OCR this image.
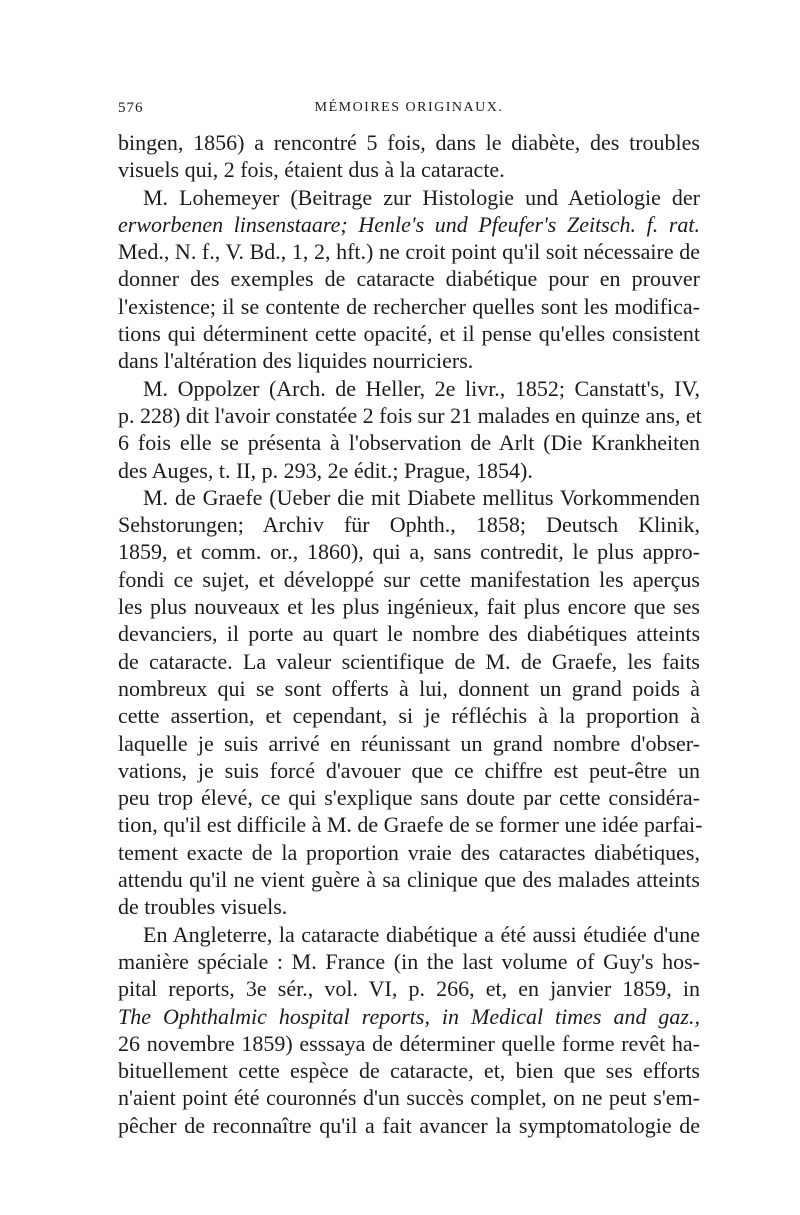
576	MÉMOIRES ORIGINAUX.
bingen, 1856) a rencontré 5 fois, dans le diabète, des troubles
visuels qui, 2 fois, étaient dus à la cataracte.
M. Lohemeyer (Beitrage zur Histologie und Aetiologie der
erworbenen linsenstaare; Henle's und Pfeufer's Zeitsch. f. rat.
Med., N. f., V. Bd., 1, 2, hft.) ne croit point qu'il soit nécessaire de
donner des exemples de cataracte diabétique pour en prouver
l'existence; il se contente de rechercher quelles sont les modifica-
tions qui déterminent cette opacité, et il pense qu'elles consistent
dans l'altération des liquides nourriciers.
M. Oppolzer (Arch. de Heller, 2e livr., 1852; Canstatt's, IV,
p. 228) dit l'avoir constatée 2 fois sur 21 malades en quinze ans, et
6 fois elle se présenta à l'observation de Arlt (Die Krankheiten
des Auges, t. II, p. 293, 2e édit.; Prague, 1854).
M. de Graefe (Ueber die mit Diabete mellitus Vorkommenden
Sehstorungen; Archiv für Ophth., 1858; Deutsch Klinik,
1859, et comm. or., 1860), qui a, sans contredit, le plus appro-
fondi ce sujet, et développé sur cette manifestation les aperçus
les plus nouveaux et les plus ingénieux, fait plus encore que ses
devanciers, il porte au quart le nombre des diabétiques atteints
de cataracte. La valeur scientifique de M. de Graefe, les faits
nombreux qui se sont offerts à lui, donnent un grand poids à
cette assertion, et cependant, si je réfléchis à la proportion à
laquelle je suis arrivé en réunissant un grand nombre d'obser-
vations, je suis forcé d'avouer que ce chiffre est peut-être un
peu trop élevé, ce qui s'explique sans doute par cette considéra-
tion, qu'il est difficile à M. de Graefe de se former une idée parfai-
tement exacte de la proportion vraie des cataractes diabétiques,
attendu qu'il ne vient guère à sa clinique que des malades atteints
de troubles visuels.
En Angleterre, la cataracte diabétique a été aussi étudiée d'une
manière spéciale : M. France (in the last volume of Guy's hos-
pital reports, 3e sér., vol. VI, p. 266, et, en janvier 1859, in
The Ophthalmic hospital reports, in Medical times and gaz.,
26 novembre 1859) esssaya de déterminer quelle forme revêt ha-
bituellement cette espèce de cataracte, et, bien que ses efforts
n'aient point été couronnés d'un succès complet, on ne peut s'em-
pêcher de reconnaître qu'il a fait avancer la symptomatologie de
